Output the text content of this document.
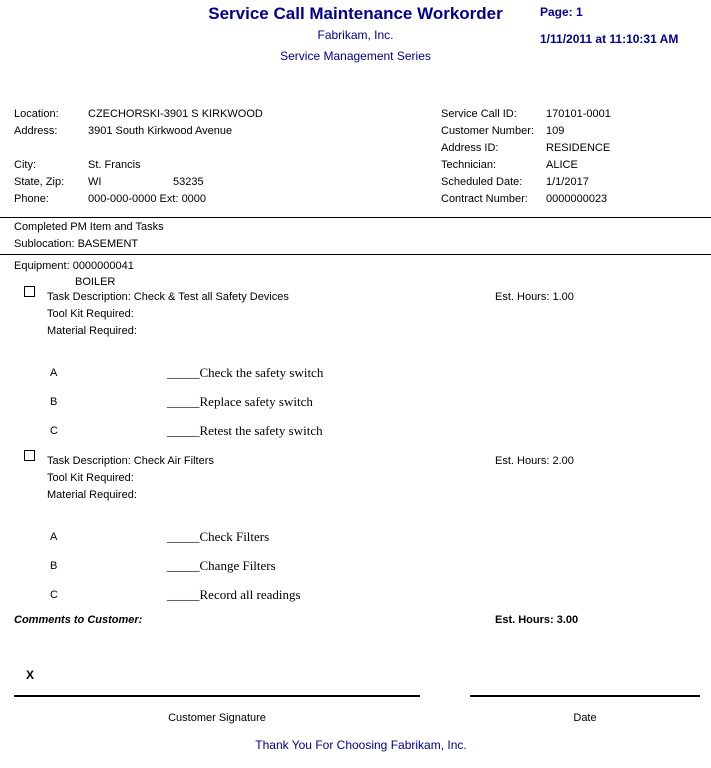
Service Call Maintenance Workorder
Fabrikam, Inc.
Service Management Series
Page: 1
1/11/2011 at 11:10:31 AM
Location:	CZECHORSKI-3901 S KIRKWOOD
Address:	3901 South Kirkwood Avenue
City:	St. Francis
State, Zip: WI	53235
Phone:	000-000-0000 Ext: 0000
Service Call ID:	170101-0001
Customer Number: 109
Address ID:	RESIDENCE
Technician:	ALICE
Scheduled Date: 1/1/2017
Contract Number: 0000000023
Completed PM Item and Tasks
Sublocation: BASEMENT
Equipment: 0000000041
BOILER
Task Description: Check & Test all Safety Devices	Est. Hours: 1.00
Tool Kit Required:
Material Required:
A	_____Check the safety switch
B	_____Replace safety switch
C	_____Retest the safety switch
Task Description: Check Air Filters	Est. Hours: 2.00
Tool Kit Required:
Material Required:
A	_____Check Filters
B	_____Change Filters
C	_____Record all readings
Comments to Customer:	Est. Hours: 3.00
X
Customer Signature	Date
Thank You For Choosing Fabrikam, Inc.
